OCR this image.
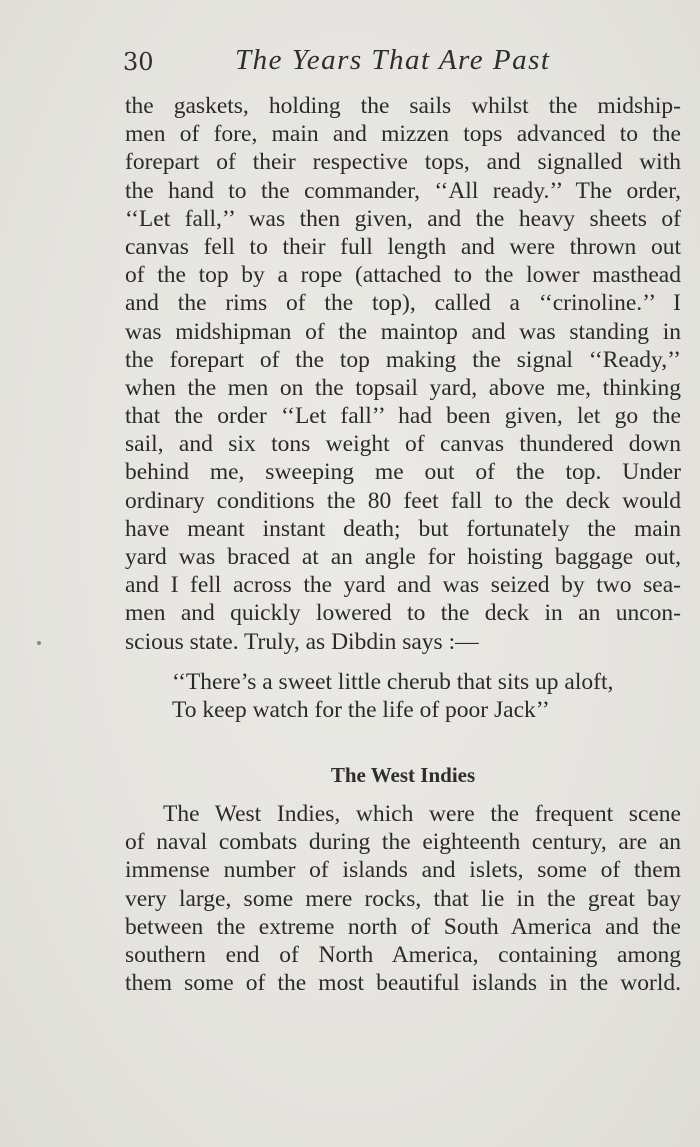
30	The Years That Are Past
the gaskets, holding the sails whilst the midship-
men of fore, main and mizzen tops advanced to the
forepart of their respective tops, and signalled with
the hand to the commander, ‘‘All ready.’’ The order,
‘‘Let fall,’’ was then given, and the heavy sheets of
canvas fell to their full length and were thrown out
of the top by a rope (attached to the lower masthead
and the rims of the top), called a ‘‘crinoline.’’ I
was midshipman of the maintop and was standing in
the forepart of the top making the signal ‘‘Ready,’’
when the men on the topsail yard, above me, thinking
that the order ‘‘Let fall’’ had been given, let go the
sail, and six tons weight of canvas thundered down
behind me, sweeping me out of the top. Under
ordinary conditions the 80 feet fall to the deck would
have meant instant death; but fortunately the main
yard was braced at an angle for hoisting baggage out,
and I fell across the yard and was seized by two sea-
men and quickly lowered to the deck in an uncon-
scious state. Truly, as Dibdin says :—
‘‘There’s a sweet little cherub that sits up aloft,
To keep watch for the life of poor Jack’’
The West Indies
The West Indies, which were the frequent scene
of naval combats during the eighteenth century, are an
immense number of islands and islets, some of them
very large, some mere rocks, that lie in the great bay
between the extreme north of South America and the
southern end of North America, containing among
them some of the most beautiful islands in the world.
